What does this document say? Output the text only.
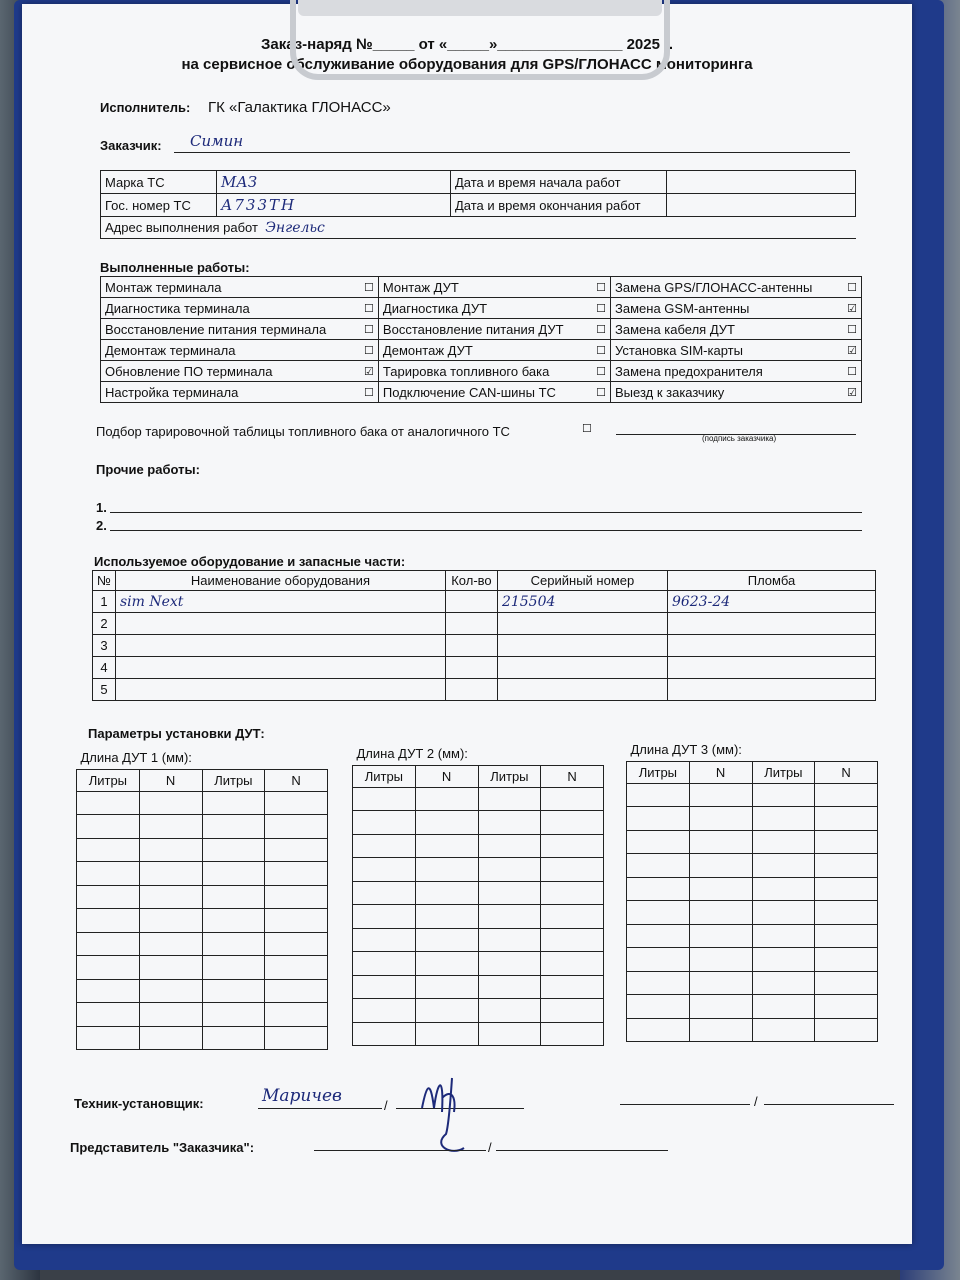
Заказ-наряд №_____ от «_____»_______________ 2025 г.
на сервисное обслуживание оборудования для GPS/ГЛОНАСС мониторинга
Исполнитель: ГК «Галактика ГЛОНАСС»
Заказчик: Симин
Марка ТС	МАЗ	Дата и время начала работ	
Гос. номер ТС	А733ТН	Дата и время окончания работ	
Адрес выполнения работ Энгельс			
Выполненные работы:
Монтаж терминала	☐	Монтаж ДУТ	☐	Замена GPS/ГЛОНАСС-антенны	☐
Диагностика терминала	☐	Диагностика ДУТ	☐	Замена GSM-антенны	☑
Восстановление питания терминала	☐	Восстановление питания ДУТ	☐	Замена кабеля ДУТ	☐
Демонтаж терминала	☐	Демонтаж ДУТ	☐	Установка SIM-карты	☑
Обновление ПО терминала	☑	Тарировка топливного бака	☐	Замена предохранителя	☐
Настройка терминала	☐	Подключение CAN-шины ТС	☐	Выезд к заказчику	☑
Подбор тарировочной таблицы топливного бака от аналогичного ТС	☐
(подпись заказчика)
Прочие работы:
1.
2.
Используемое оборудование и запасные части:
№	Наименование оборудования	Кол-во	Серийный номер	Пломба
1	sim Next		215504	9623-24
2				
3				
4				
5				
Параметры установки ДУТ:
Длина ДУТ 1 (мм):			
Литры	N	Литры	N

Длина ДУТ 2 (мм):			
Литры	N	Литры	N

Длина ДУТ 3 (мм):			
Литры	N	Литры	N

Техник-установщик:	Маричев	/	/
Представитель "Заказчика":	/
